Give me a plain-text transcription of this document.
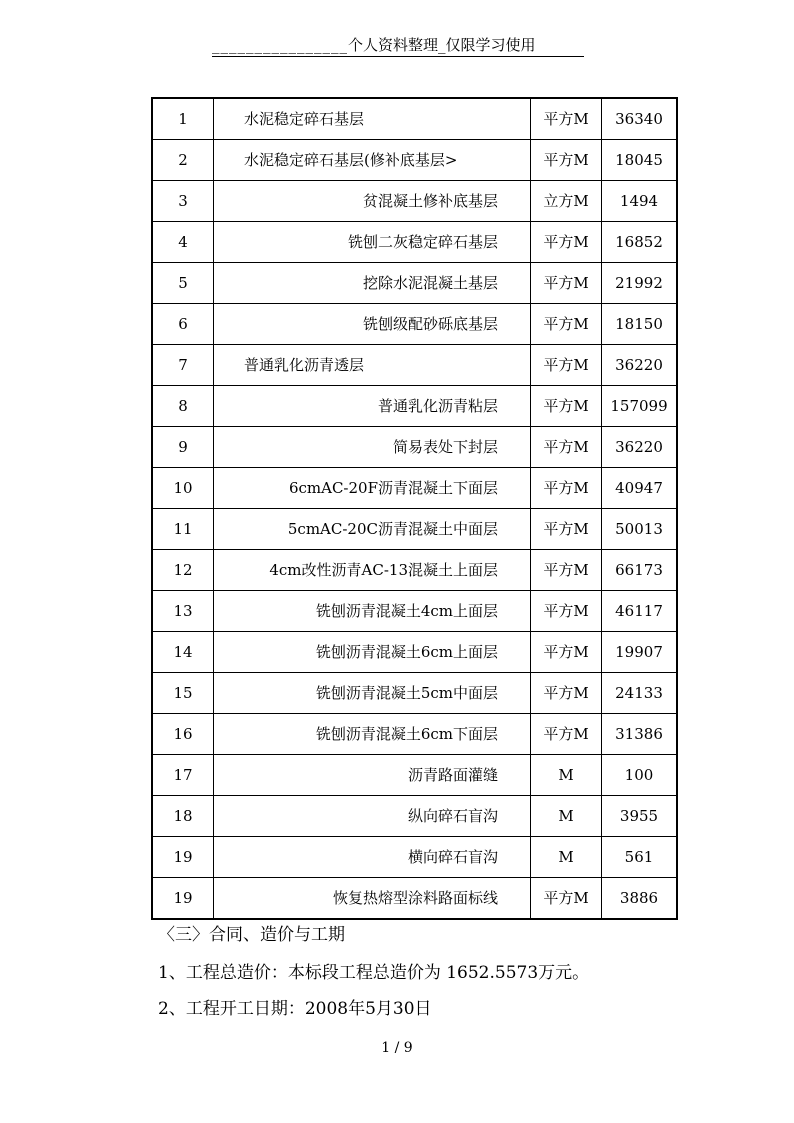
________________个人资料整理_仅限学习使用
1	水泥稳定碎石基层	平方M	36340
2	水泥稳定碎石基层(修补底基层>	平方M	18045
3	贫混凝土修补底基层	立方M	1494
4	铣刨二灰稳定碎石基层	平方M	16852
5	挖除水泥混凝土基层	平方M	21992
6	铣刨级配砂砾底基层	平方M	18150
7	普通乳化沥青透层	平方M	36220
8	普通乳化沥青粘层	平方M	157099
9	简易表处下封层	平方M	36220
10	6cmAC-20F沥青混凝土下面层	平方M	40947
11	5cmAC-20C沥青混凝土中面层	平方M	50013
12	4cm改性沥青AC-13混凝土上面层	平方M	66173
13	铣刨沥青混凝土4cm上面层	平方M	46117
14	铣刨沥青混凝土6cm上面层	平方M	19907
15	铣刨沥青混凝土5cm中面层	平方M	24133
16	铣刨沥青混凝土6cm下面层	平方M	31386
17	沥青路面灌缝	M	100
18	纵向碎石盲沟	M	3955
19	横向碎石盲沟	M	561
19	恢复热熔型涂料路面标线	平方M	3886
〈三〉合同、造价与工期
1、工程总造价：本标段工程总造价为 1652.5573万元。
2、工程开工日期：2008年5月30日
1 / 9
